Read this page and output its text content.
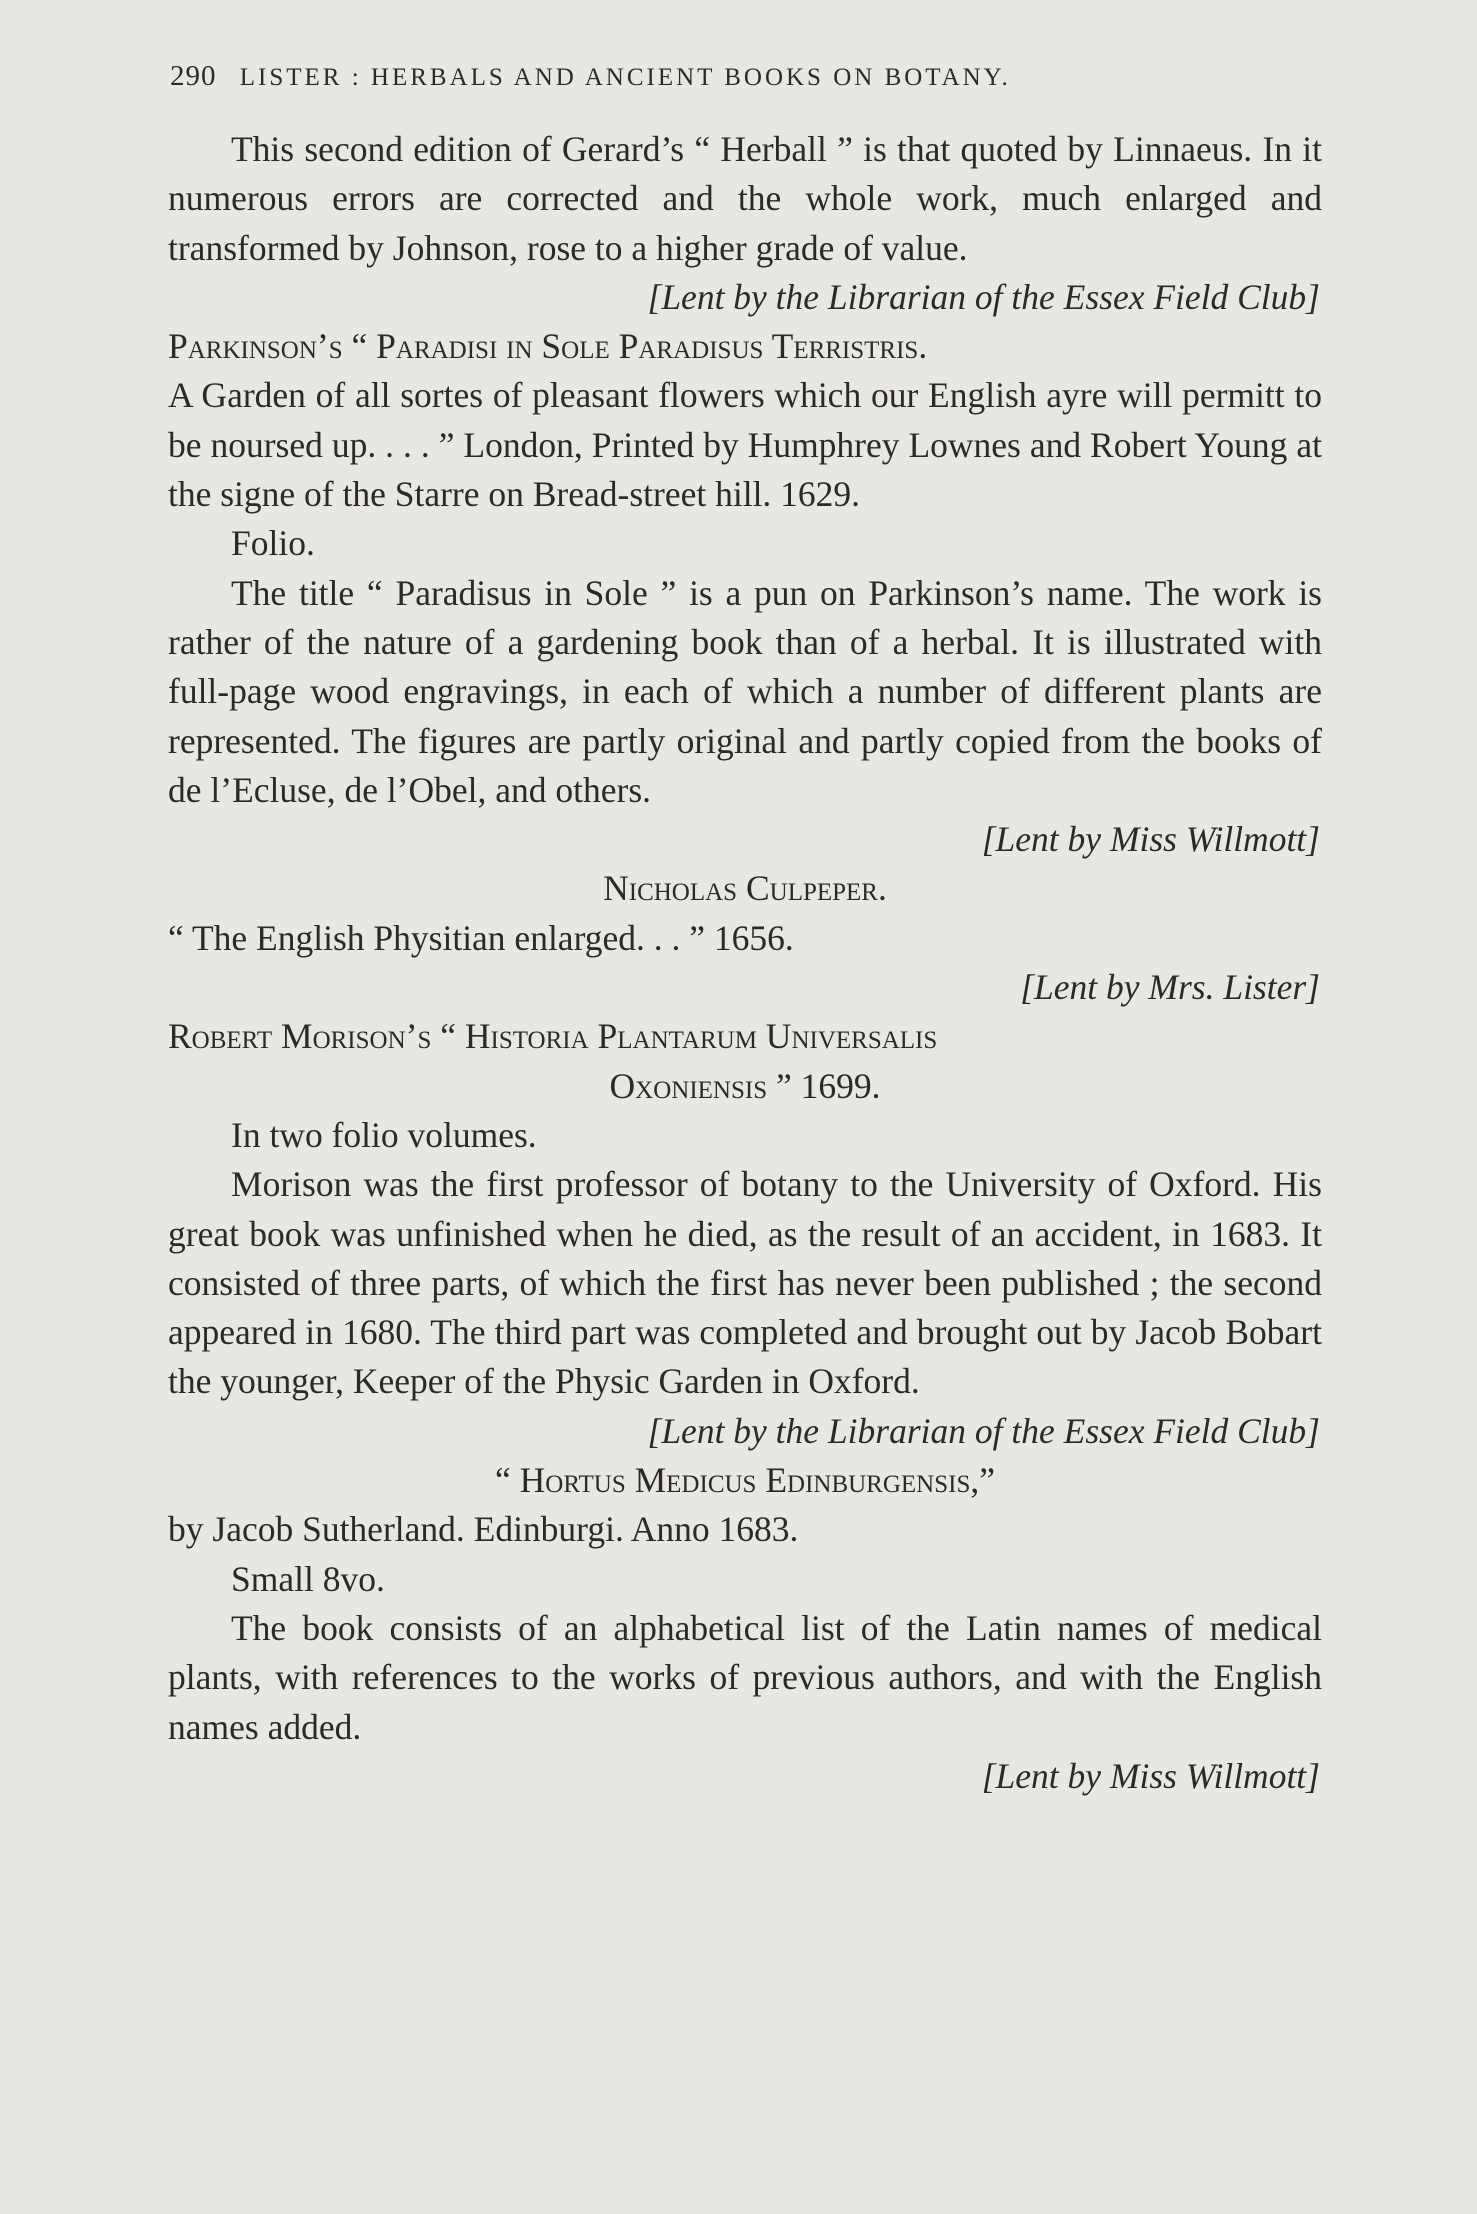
290 LISTER : HERBALS AND ANCIENT BOOKS ON BOTANY.

This second edition of Gerard’s “ Herball ” is that quoted by Linnaeus. In it numerous errors are corrected and the whole work, much enlarged and transformed by Johnson, rose to a higher grade of value.

[Lent by the Librarian of the Essex Field Club]

Parkinson’s “ Paradisi in Sole Paradisus Terristris.

A Garden of all sortes of pleasant flowers which our English ayre will permitt to be noursed up. . . . ” London, Printed by Humphrey Lownes and Robert Young at the signe of the Starre on Bread-street hill. 1629.

Folio.

The title “ Paradisus in Sole ” is a pun on Parkinson’s name. The work is rather of the nature of a gardening book than of a herbal. It is illustrated with full-page wood engravings, in each of which a number of different plants are represented. The figures are partly original and partly copied from the books of de l’Ecluse, de l’Obel, and others.

[Lent by Miss Willmott]

Nicholas Culpeper.

“ The English Physitian enlarged. . . ” 1656.

[Lent by Mrs. Lister]

Robert Morison’s “ Historia Plantarum Universalis

Oxoniensis ” 1699.

In two folio volumes.

Morison was the first professor of botany to the University of Oxford. His great book was unfinished when he died, as the result of an accident, in 1683. It consisted of three parts, of which the first has never been published ; the second appeared in 1680. The third part was completed and brought out by Jacob Bobart the younger, Keeper of the Physic Garden in Oxford.

[Lent by the Librarian of the Essex Field Club]

“ Hortus Medicus Edinburgensis,”

by Jacob Sutherland. Edinburgi. Anno 1683.

Small 8vo.

The book consists of an alphabetical list of the Latin names of medical plants, with references to the works of previous authors, and with the English names added.

[Lent by Miss Willmott]
